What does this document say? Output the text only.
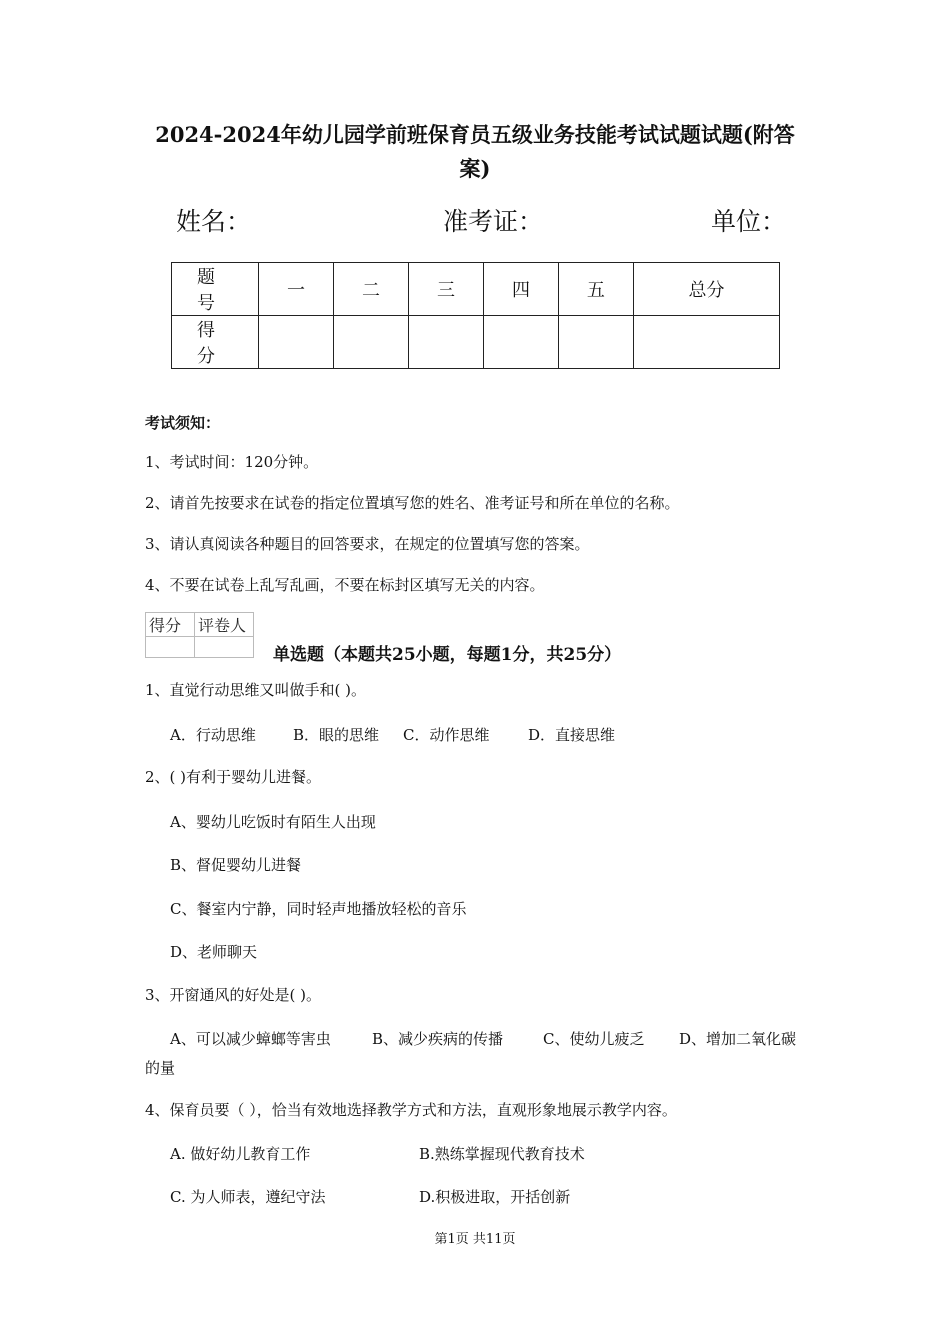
2024-2024年幼儿园学前班保育员五级业务技能考试试题试题(附答
案)
姓名：	准考证：	单位：
题 号	一	二	三	四	五	总分
得 分						
考试须知：
1、考试时间：120分钟。
2、请首先按要求在试卷的指定位置填写您的姓名、准考证号和所在单位的名称。
3、请认真阅读各种题目的回答要求，在规定的位置填写您的答案。
4、不要在试卷上乱写乱画，不要在标封区填写无关的内容。
得分	评卷人

单选题（本题共25小题，每题1分，共25分）
1、直觉行动思维又叫做手和( )。
A．行动思维 B．眼的思维 C．动作思维	D．直接思维
2、( )有利于婴幼儿进餐。
A、婴幼儿吃饭时有陌生人出现
B、督促婴幼儿进餐
C、餐室内宁静，同时轻声地播放轻松的音乐
D、老师聊天
3、开窗通风的好处是( )。
A、可以减少蟑螂等害虫	B、减少疾病的传播	C、使幼儿疲乏 D、增加二氧化碳
的量
4、保育员要（ ），恰当有效地选择教学方式和方法，直观形象地展示教学内容。
A. 做好幼儿教育工作	B.熟练掌握现代教育技术
C. 为人师表，遵纪守法	D.积极进取，开括创新
第1页 共11页
